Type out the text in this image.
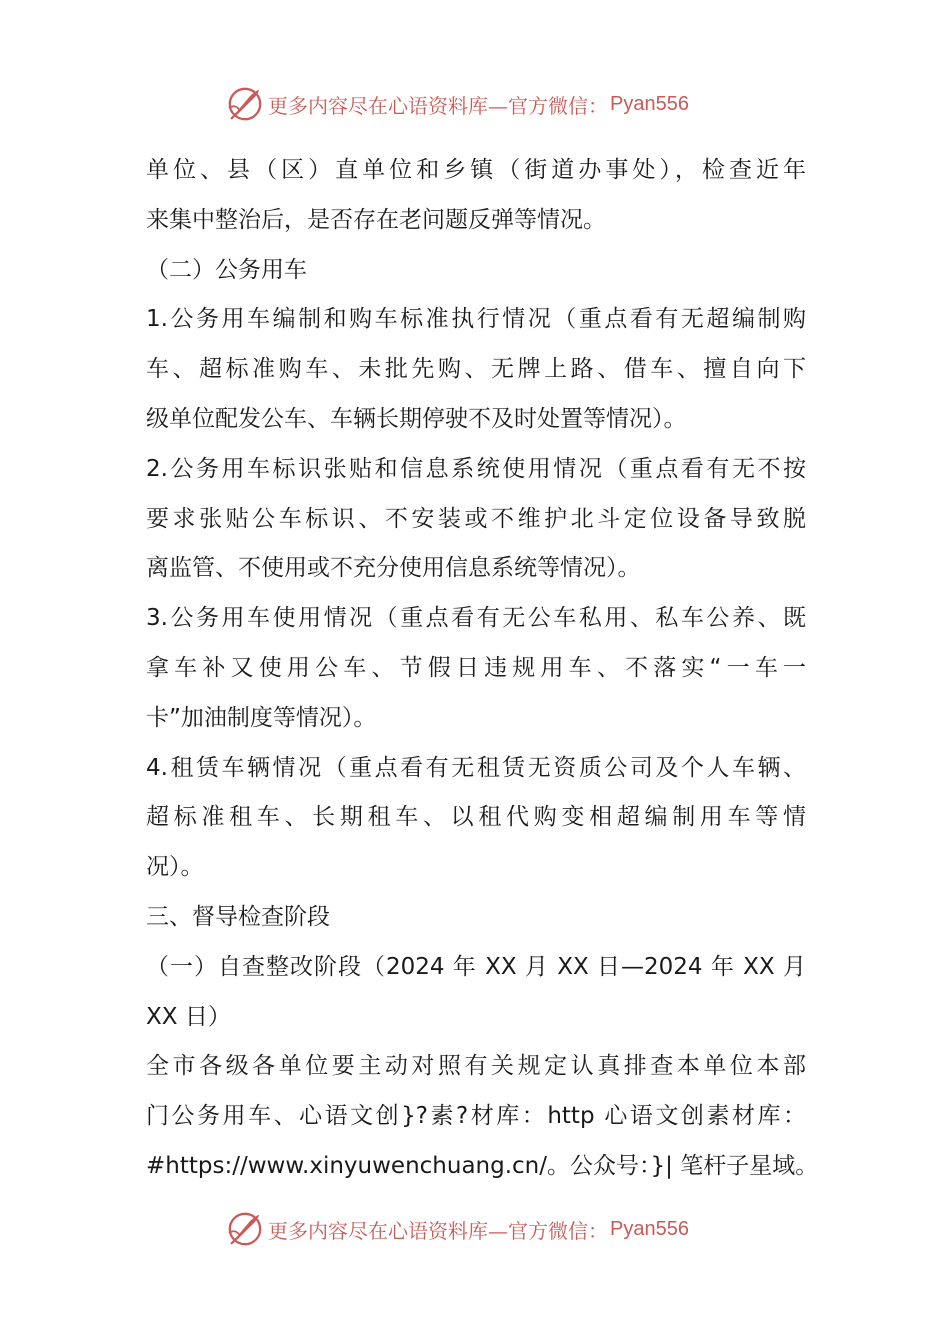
更多内容尽在心语资料库—官方微信： Pyan556
单位、县（区）直单位和乡镇（街道办事处），检查近年
来集中整治后，是否存在老问题反弹等情况。
（二）公务用车
1.公务用车编制和购车标准执行情况（重点看有无超编制购
车、超标准购车、未批先购、无牌上路、借车、擅自向下
级单位配发公车、车辆长期停驶不及时处置等情况）。
2.公务用车标识张贴和信息系统使用情况（重点看有无不按
要求张贴公车标识、不安装或不维护北斗定位设备导致脱
离监管、不使用或不充分使用信息系统等情况）。
3.公务用车使用情况（重点看有无公车私用、私车公养、既
拿车补又使用公车、节假日违规用车、不落实“一车一
卡”加油制度等情况）。
4.租赁车辆情况（重点看有无租赁无资质公司及个人车辆、
超标准租车、长期租车、以租代购变相超编制用车等情
况）。
三、督导检查阶段
（一）自查整改阶段（2024 年 XX 月 XX 日—2024 年 XX 月
XX 日）
全市各级各单位要主动对照有关规定认真排查本单位本部
门公务用车、心语文创}?素?材库：http 心语文创素材库：
#https://www.xinyuwenchuang.cn/。公众号：}| 笔杆子星域。
更多内容尽在心语资料库—官方微信： Pyan556
